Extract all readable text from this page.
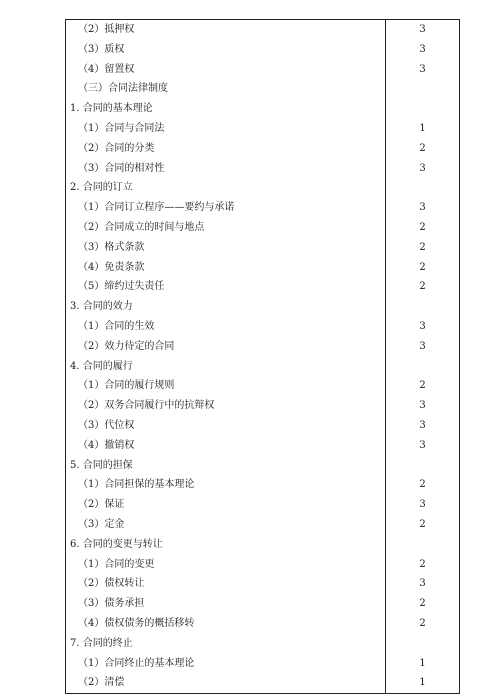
（2）抵押权	3
（3）质权	3
（4）留置权	3
（三）合同法律制度	
1. 合同的基本理论	
（1）合同与合同法	1
（2）合同的分类	2
（3）合同的相对性	3
2. 合同的订立	
（1）合同订立程序——要约与承诺	3
（2）合同成立的时间与地点	2
（3）格式条款	2
（4）免责条款	2
（5）缔约过失责任	2
3. 合同的效力	
（1）合同的生效	3
（2）效力待定的合同	3
4. 合同的履行	
（1）合同的履行规则	2
（2）双务合同履行中的抗辩权	3
（3）代位权	3
（4）撤销权	3
5. 合同的担保	
（1）合同担保的基本理论	2
（2）保证	3
（3）定金	2
6. 合同的变更与转让	
（1）合同的变更	2
（2）债权转让	3
（3）债务承担	2
（4）债权债务的概括移转	2
7. 合同的终止	
（1）合同终止的基本理论	1
（2）清偿	1
